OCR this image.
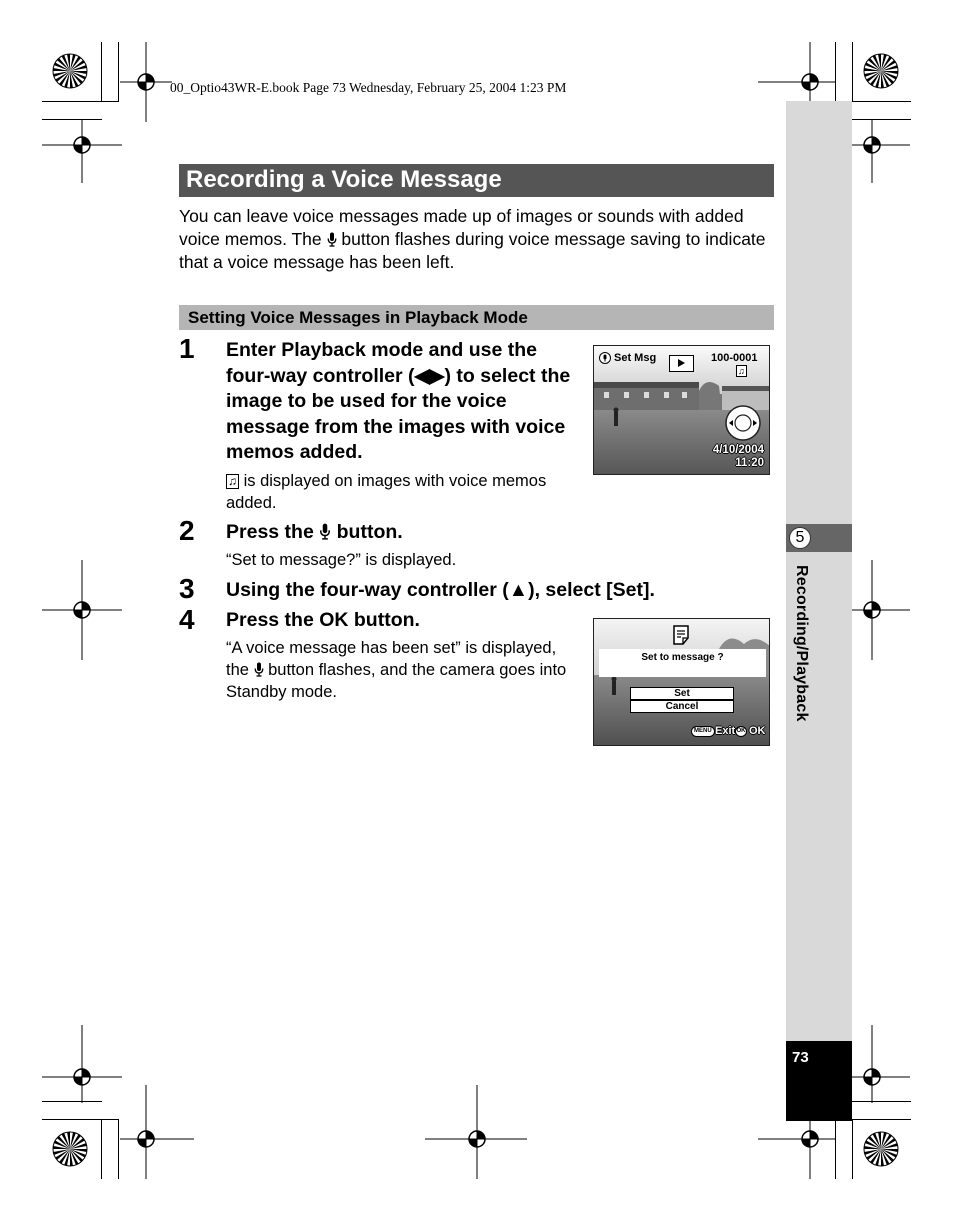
00_Optio43WR-E.book Page 73 Wednesday, February 25, 2004 1:23 PM
5
Recording/Playback
73
Recording a Voice Message
You can leave voice messages made up of images or sounds with added voice memos. The  button flashes during voice message saving to indicate that a voice message has been left.
Setting Voice Messages in Playback Mode
1 Enter Playback mode and use the four-way controller (◀▶) to select the image to be used for the voice message from the images with voice memos added.
♫ is displayed on images with voice memos added.
Set Msg	100-0001
♫
4/10/2004
11:20
2 Press the  button.
“Set to message?” is displayed.
3 Using the four-way controller (▲), select [Set].
4 Press the OK button.
“A voice message has been set” is displayed, the  button flashes, and the camera goes into Standby mode.
Set to message ?
Set
Cancel
MENU Exit OK OK
